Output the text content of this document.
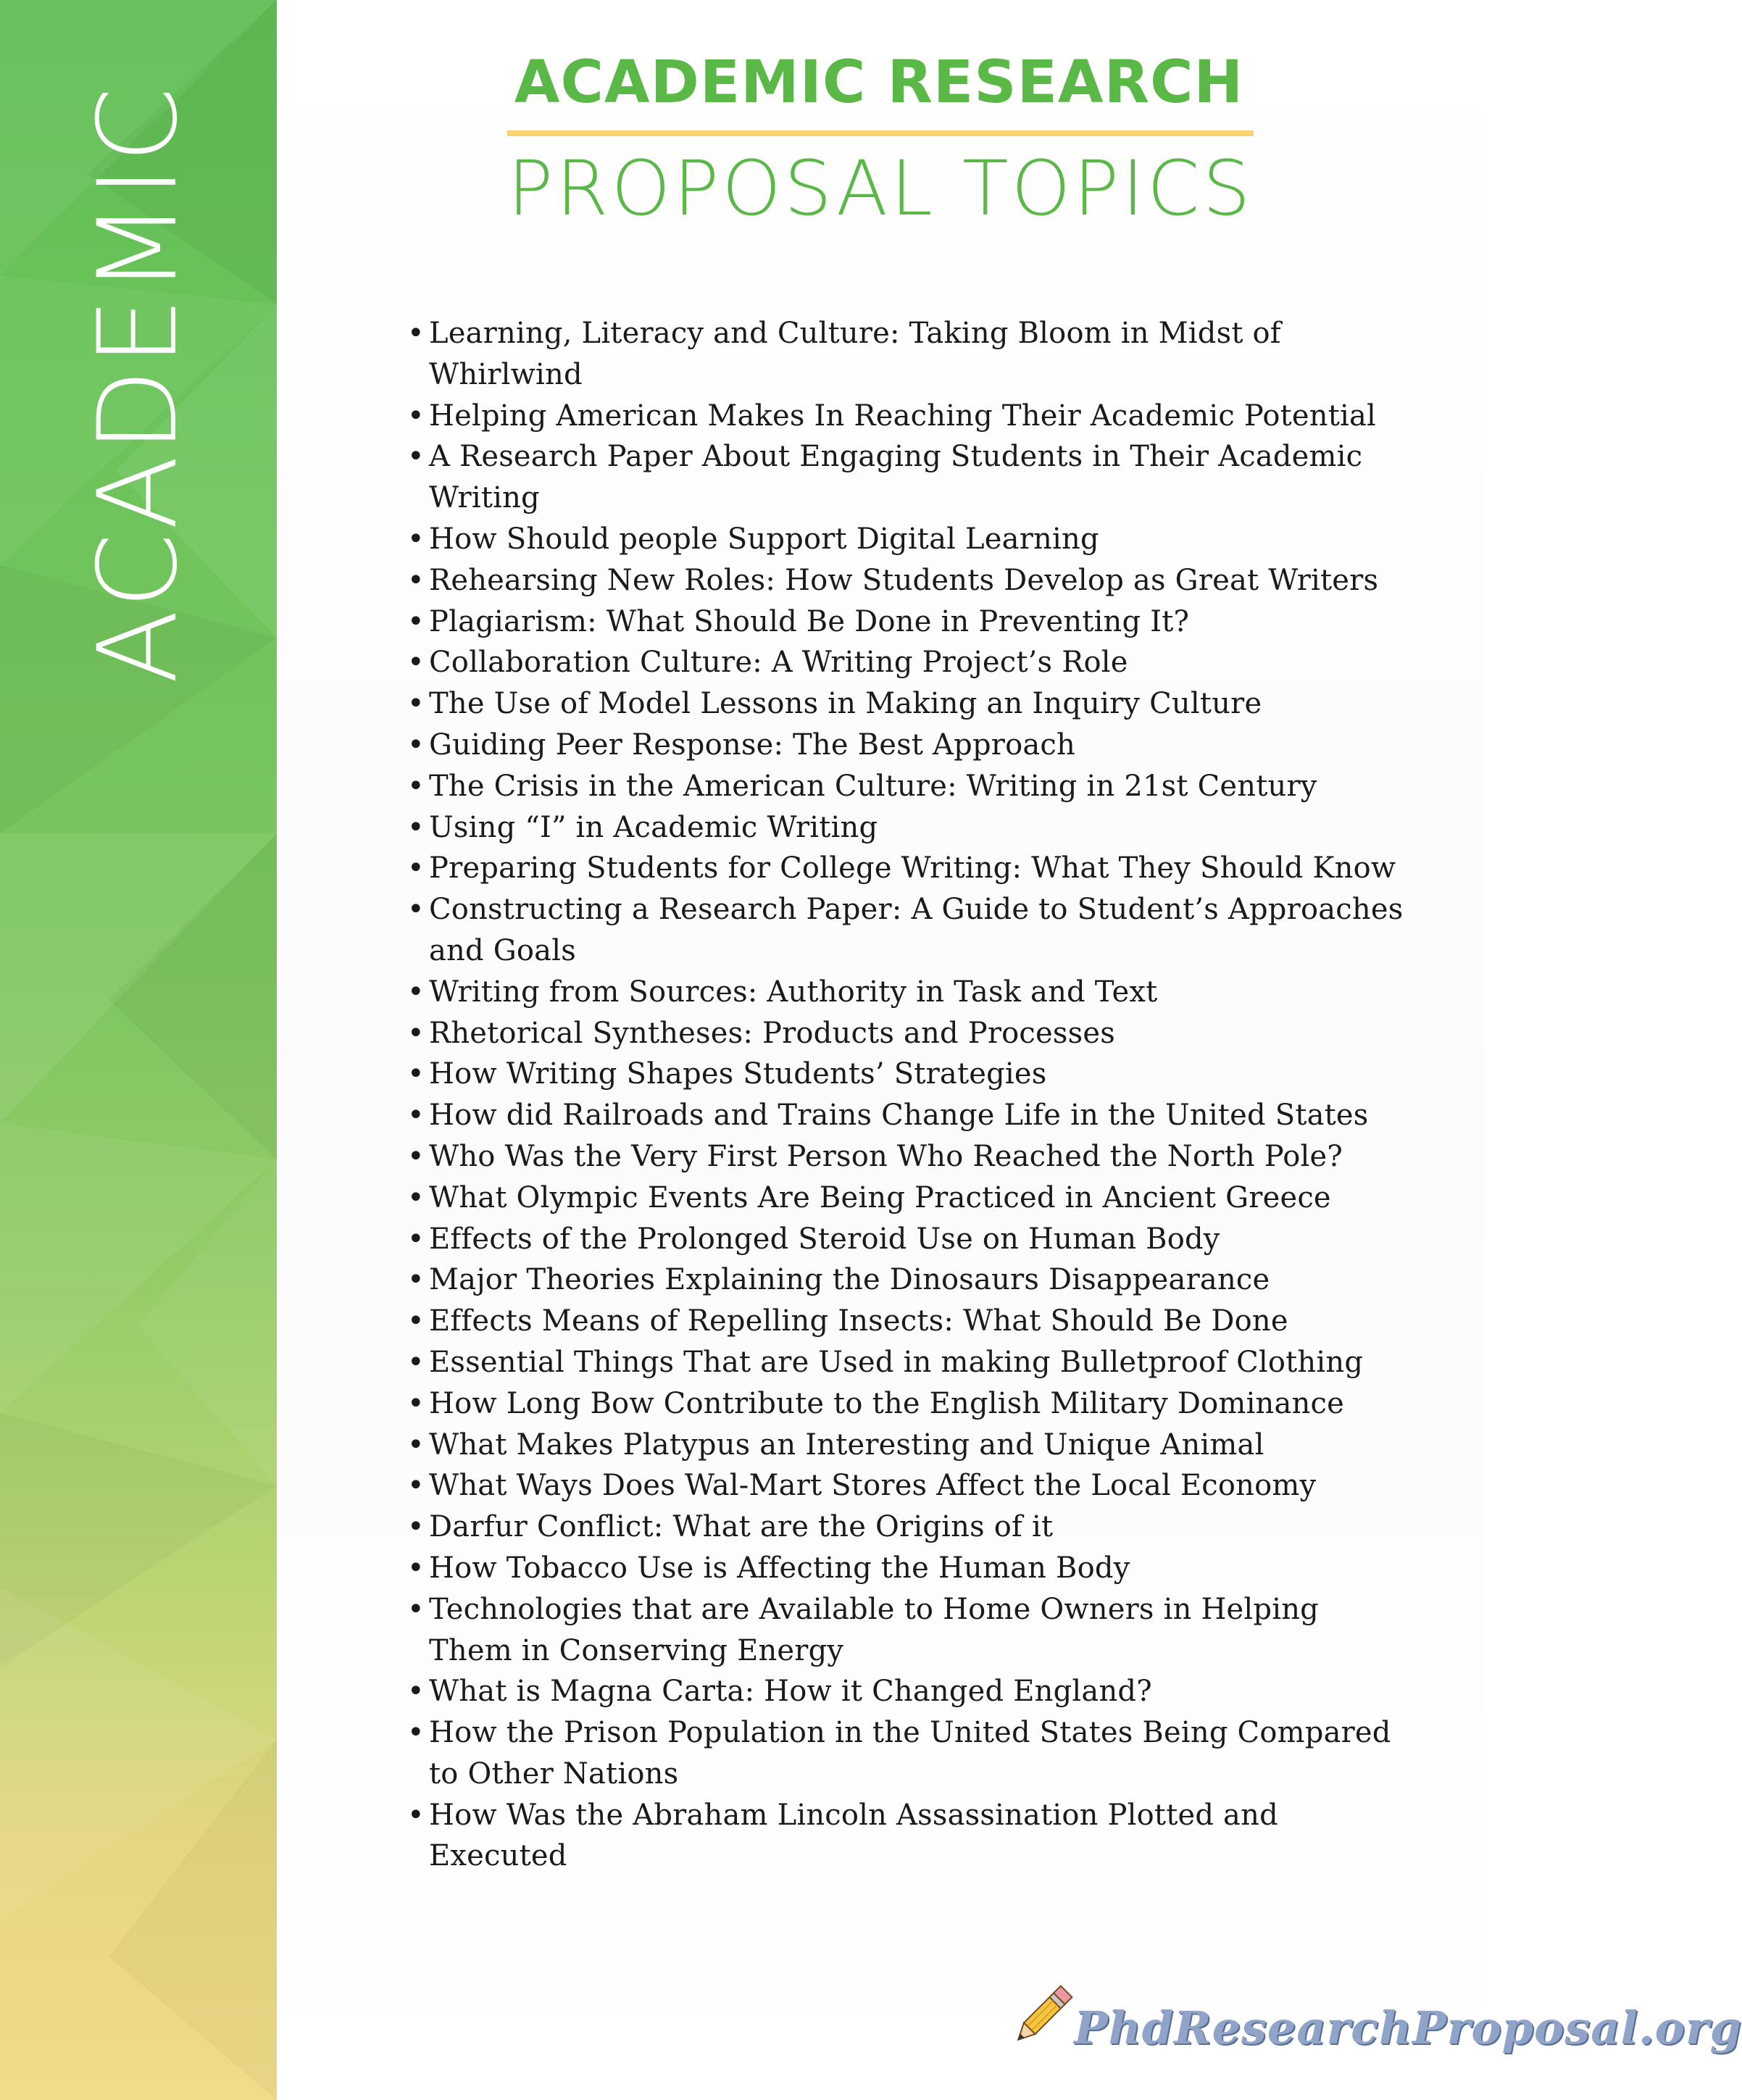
ACADEMIC
ACADEMIC RESEARCH
PROPOSAL TOPICS
• Learning, Literacy and Culture: Taking Bloom in Midst of
Whirlwind
• Helping American Makes In Reaching Their Academic Potential
• A Research Paper About Engaging Students in Their Academic
Writing
• How Should people Support Digital Learning
• Rehearsing New Roles: How Students Develop as Great Writers
• Plagiarism: What Should Be Done in Preventing It?
• Collaboration Culture: A Writing Project’s Role
• The Use of Model Lessons in Making an Inquiry Culture
• Guiding Peer Response: The Best Approach
• The Crisis in the American Culture: Writing in 21st Century
• Using “I” in Academic Writing
• Preparing Students for College Writing: What They Should Know
• Constructing a Research Paper: A Guide to Student’s Approaches
and Goals
• Writing from Sources: Authority in Task and Text
• Rhetorical Syntheses: Products and Processes
• How Writing Shapes Students’ Strategies
• How did Railroads and Trains Change Life in the United States
• Who Was the Very First Person Who Reached the North Pole?
• What Olympic Events Are Being Practiced in Ancient Greece
• Effects of the Prolonged Steroid Use on Human Body
• Major Theories Explaining the Dinosaurs Disappearance
• Effects Means of Repelling Insects: What Should Be Done
• Essential Things That are Used in making Bulletproof Clothing
• How Long Bow Contribute to the English Military Dominance
• What Makes Platypus an Interesting and Unique Animal
• What Ways Does Wal-Mart Stores Affect the Local Economy
• Darfur Conflict: What are the Origins of it
• How Tobacco Use is Affecting the Human Body
• Technologies that are Available to Home Owners in Helping
Them in Conserving Energy
• What is Magna Carta: How it Changed England?
• How the Prison Population in the United States Being Compared
to Other Nations
• How Was the Abraham Lincoln Assassination Plotted and
Executed
PhdResearchProposal.org
